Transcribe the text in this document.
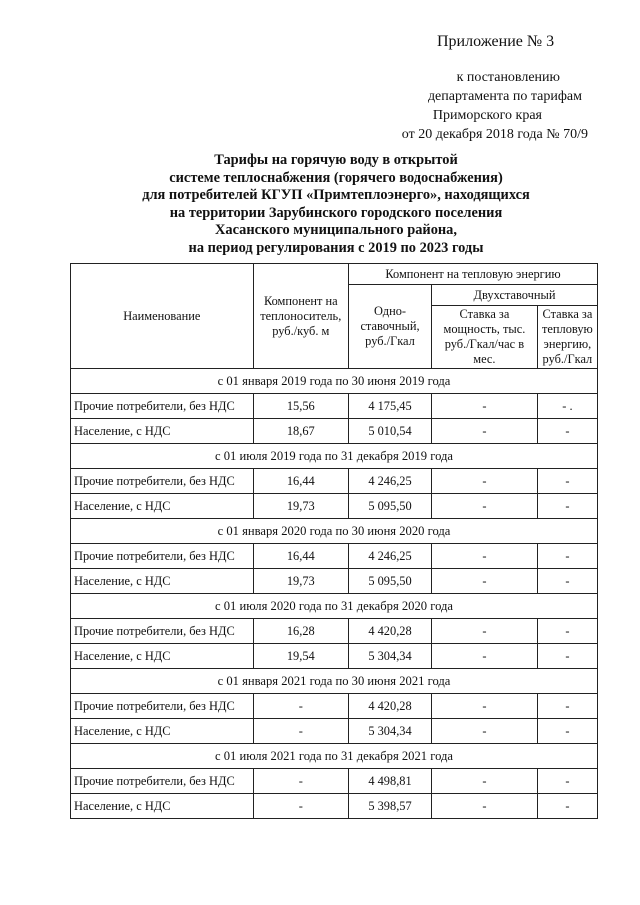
Приложение № 3
к постановлению
департамента по тарифам
Приморского края
от 20 декабря 2018 года № 70/9
Тарифы на горячую воду в открытой
системе теплоснабжения (горячего водоснабжения)
для потребителей КГУП «Примтеплоэнерго», находящихся
на территории Зарубинского городского поселения
Хасанского муниципального района,
на период регулирования с 2019 по 2023 годы
Наименование	Компонент на теплоноситель, руб./куб. м	Компонент на тепловую энергию		
		Одно-ставочный, руб./Гкал	Двухставочный	
			Ставка за мощность, тыс. руб./Гкал/час в мес.	Ставка за тепловую энергию, руб./Гкал
с 01 января 2019 года по 30 июня 2019 года				
Прочие потребители, без НДС	15,56	4 175,45	-	- .
Население, с НДС	18,67	5 010,54	-	-
с 01 июля 2019 года по 31 декабря 2019 года				
Прочие потребители, без НДС	16,44	4 246,25	-	-
Население, с НДС	19,73	5 095,50	-	-
с 01 января 2020 года по 30 июня 2020 года				
Прочие потребители, без НДС	16,44	4 246,25	-	-
Население, с НДС	19,73	5 095,50	-	-
с 01 июля 2020 года по 31 декабря 2020 года				
Прочие потребители, без НДС	16,28	4 420,28	-	-
Население, с НДС	19,54	5 304,34	-	-
с 01 января 2021 года по 30 июня 2021 года				
Прочие потребители, без НДС	-	4 420,28	-	-
Население, с НДС	-	5 304,34	-	-
с 01 июля 2021 года по 31 декабря 2021 года				
Прочие потребители, без НДС	-	4 498,81	-	-
Население, с НДС	-	5 398,57	-	-
